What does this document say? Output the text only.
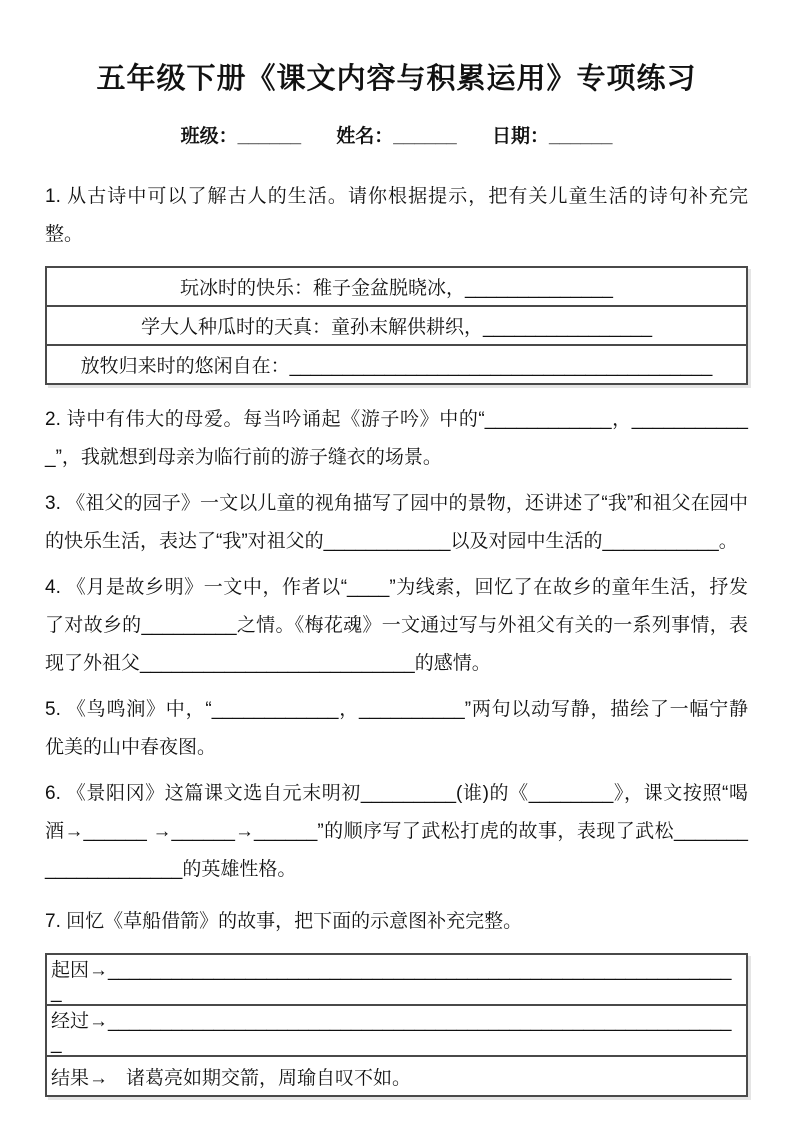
五年级下册《课文内容与积累运用》专项练习
班级：______ 姓名：______ 日期：______

1. 从古诗中可以了解古人的生活。请你根据提示，把有关儿童生活的诗句补充完整。

玩冰时的快乐：稚子金盆脱晓冰，______________
学大人种瓜时的天真：童孙末解供耕织，________________
放牧归来时的悠闲自在：________________________________________

2. 诗中有伟大的母爱。每当吟诵起《游子吟》中的“____________，____________”，我就想到母亲为临行前的游子缝衣的场景。

3. 《祖父的园子》一文以儿童的视角描写了园中的景物，还讲述了“我”和祖父在园中的快乐生活，表达了“我”对祖父的____________以及对园中生活的___________。

4. 《月是故乡明》一文中，作者以“____”为线索，回忆了在故乡的童年生活，抒发了对故乡的_________之情。《梅花魂》一文通过写与外祖父有关的一系列事情，表现了外祖父__________________________的感情。

5. 《鸟鸣涧》中，“____________，__________”两句以动写静，描绘了一幅宁静优美的山中春夜图。

6. 《景阳冈》这篇课文选自元末明初_________(谁)的《________》，课文按照“喝酒→______ →______→______”的顺序写了武松打虎的故事，表现了武松____________________的英雄性格。

7. 回忆《草船借箭》的故事，把下面的示意图补充完整。

起因→____________________________________________________________
经过→____________________________________________________________
结果→ 诸葛亮如期交箭，周瑜自叹不如。
